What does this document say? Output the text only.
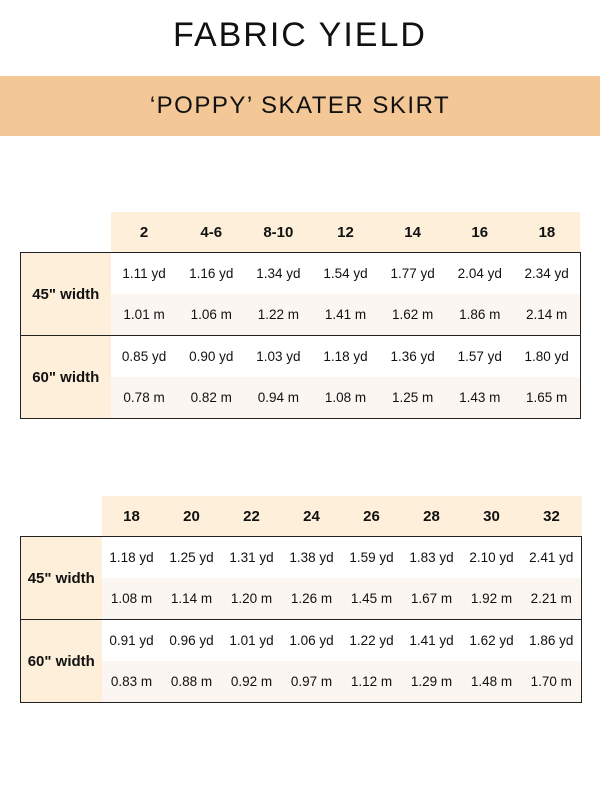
FABRIC YIELD
‘POPPY’ SKATER SKIRT
	2	4-6	8-10	12	14	16	18
45" width	1.11 yd	1.16 yd	1.34 yd	1.54 yd	1.77 yd	2.04 yd	2.34 yd
	1.01 m	1.06 m	1.22 m	1.41 m	1.62 m	1.86 m	2.14 m
60" width	0.85 yd	0.90 yd	1.03 yd	1.18 yd	1.36 yd	1.57 yd	1.80 yd
	0.78 m	0.82 m	0.94 m	1.08 m	1.25 m	1.43 m	1.65 m
	18	20	22	24	26	28	30	32
45" width	1.18 yd	1.25 yd	1.31 yd	1.38 yd	1.59 yd	1.83 yd	2.10 yd	2.41 yd
	1.08 m	1.14 m	1.20 m	1.26 m	1.45 m	1.67 m	1.92 m	2.21 m
60" width	0.91 yd	0.96 yd	1.01 yd	1.06 yd	1.22 yd	1.41 yd	1.62 yd	1.86 yd
	0.83 m	0.88 m	0.92 m	0.97 m	1.12 m	1.29 m	1.48 m	1.70 m
